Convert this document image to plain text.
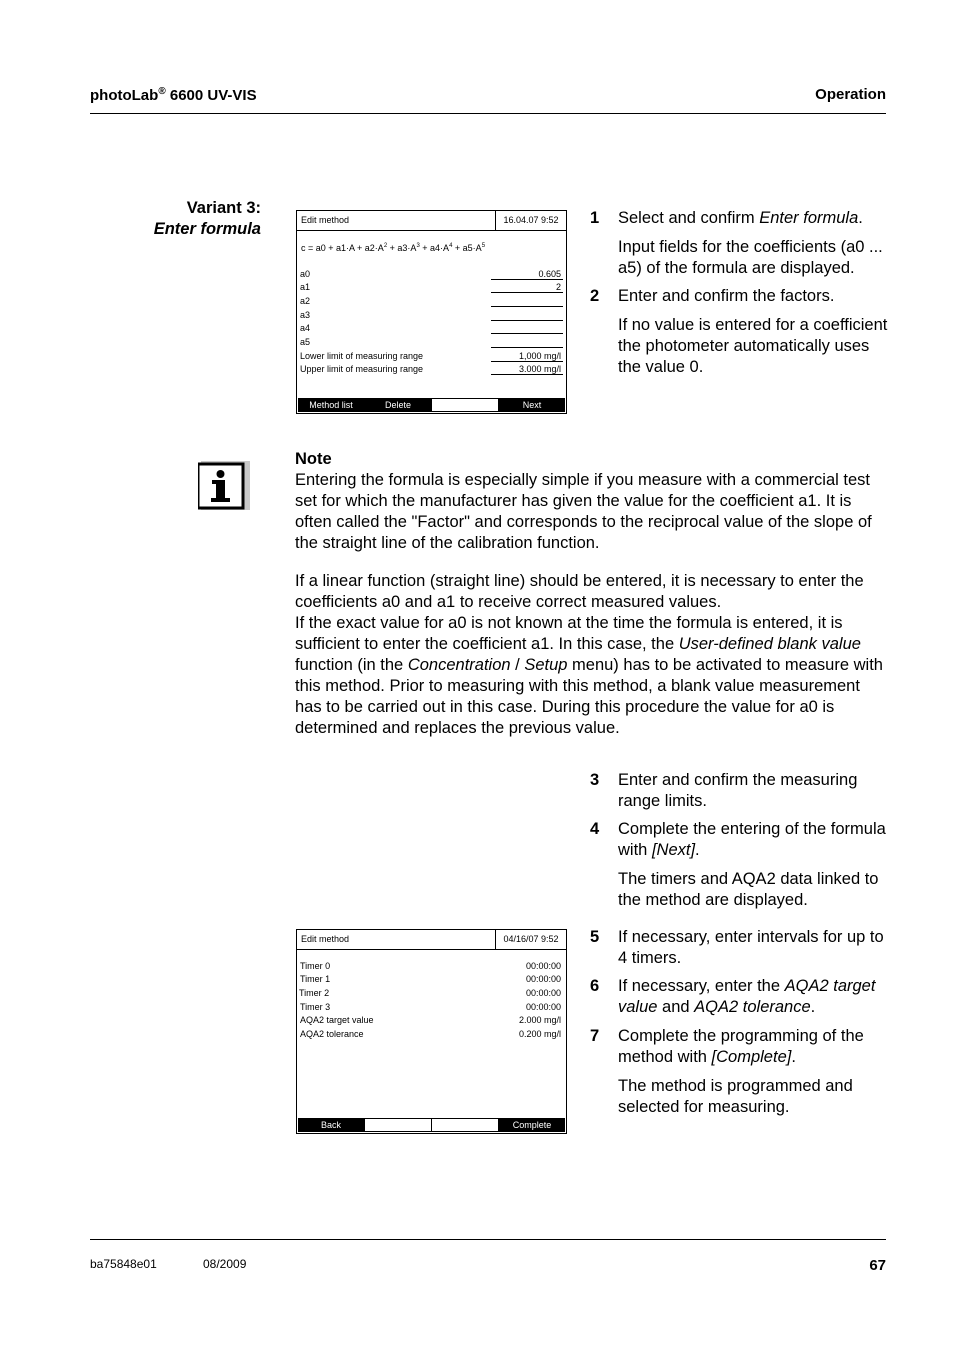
photoLab® 6600 UV-VIS	Operation
Variant 3:
Enter formula	Edit method	16.04.07 9:52
$c = a0 + a1\cdot A + a2\cdot A^2 + a3\cdot A^3 + a4\cdot A^4 + a5\cdot A^5$
a0	0.605
a1	2
a2
a3
a4
a5
Lower limit of measuring range	1,000 mg/l
Upper limit of measuring range	3.000 mg/l
Method list	Delete	Next
1 Select and confirm Enter formula.

Input fields for the coefficients (a0 ... a5) of the formula are displayed.

2 Enter and confirm the factors.

If no value is entered for a coefficient the photometer automatically uses the value 0.

Note

Entering the formula is especially simple if you measure with a commercial test set for which the manufacturer has given the value for the coefficient a1. It is often called the "Factor" and corresponds to the reciprocal value of the slope of the straight line of the calibration function.

If a linear function (straight line) should be entered, it is necessary to enter the coefficients a0 and a1 to receive correct measured values.
If the exact value for a0 is not known at the time the formula is entered, it is sufficient to enter the coefficient a1. In this case, the User-defined blank value function (in the Concentration / Setup menu) has to be activated to measure with this method. Prior to measuring with this method, a blank value measurement has to be carried out in this case. During this procedure the value for a0 is determined and replaces the previous value.

3 Enter and confirm the measuring range limits.

4 Complete the entering of the formula with [Next].

The timers and AQA2 data linked to the method are displayed.

Edit method	04/16/07 9:52
Timer 0	00:00:00
Timer 1	00:00:00
Timer 2	00:00:00
Timer 3	00:00:00
AQA2 target value	2.000 mg/l
AQA2 tolerance	0.200 mg/l
Back	Complete
5 If necessary, enter intervals for up to 4 timers.

6 If necessary, enter the AQA2 target value and AQA2 tolerance.

7 Complete the programming of the method with [Complete].

The method is programmed and selected for measuring.

ba75848e01	08/2009	67
